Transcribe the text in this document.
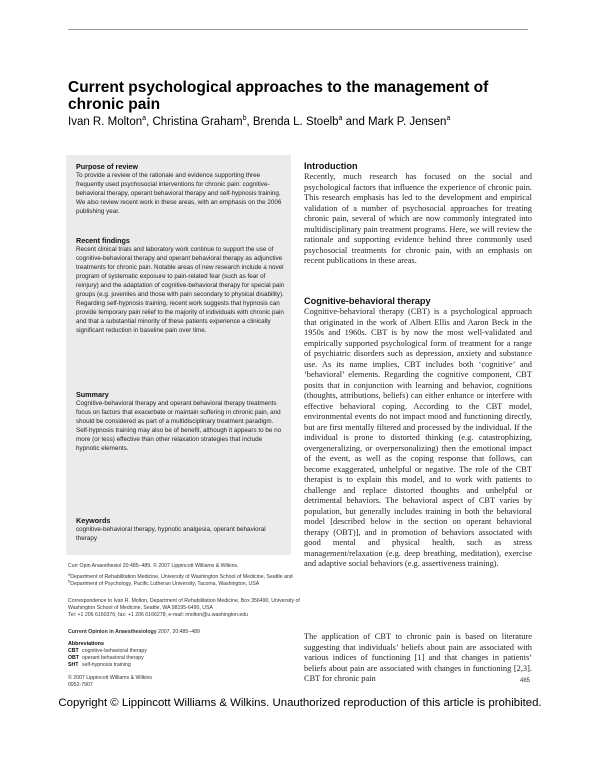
Current psychological approaches to the management of chronic pain
Ivan R. Molton$^a$, Christina Graham$^b$, Brenda L. Stoelb$^a$ and Mark P. Jensen$^a$
Purpose of review

To provide a review of the rationale and evidence supporting three frequently used psychosocial interventions for chronic pain: cognitive-behavioral therapy, operant behavioral therapy and self-hypnosis training. We also review recent work in these areas, with an emphasis on the 2006 publishing year.

Recent findings

Recent clinical trials and laboratory work continue to support the use of cognitive-behavioral therapy and operant behavioral therapy as adjunctive treatments for chronic pain. Notable areas of new research include a novel program of systematic exposure to pain-related fear (such as fear of reinjury) and the adaptation of cognitive-behavioral therapy for special pain groups (e.g. juveniles and those with pain secondary to physical disability). Regarding self-hypnosis training, recent work suggests that hypnosis can provide temporary pain relief to the majority of individuals with chronic pain and that a substantial minority of these patients experience a clinically significant reduction in baseline pain over time.

Summary

Cognitive-behavioral therapy and operant behavioral therapy treatments focus on factors that exacerbate or maintain suffering in chronic pain, and should be considered as part of a multidisciplinary treatment paradigm. Self-hypnosis training may also be of benefit, although it appears to be no more (or less) effective than other relaxation strategies that include hypnotic elements.

Keywords

cognitive-behavioral therapy, hypnotic analgesia, operant behavioral therapy

Curr Opin Anaesthesiol 20:485–489. © 2007 Lippincott Williams & Wilkins.

$^a$Department of Rehabilitation Medicine, University of Washington School of Medicine, Seattle and $^b$Department of Psychology, Pacific Lutheran University, Tacoma, Washington, USA

Correspondence to Ivan R. Molton, Department of Rehabilitation Medicine, Box 356490, University of Washington School of Medicine, Seattle, WA 98195-6490, USA

Tel: +1 206 6160376; fax: +1 206 6166278; e-mail: imolton@u.washington.edu

Current Opinion in Anaesthesiology 2007, 20:485–489

Abbreviations

CBT cognitive-behavioral therapy
OBT operant behavioral therapy
SHT self-hypnosis training

© 2007 Lippincott Williams & Wilkins

0952-7907

Introduction

Recently, much research has focused on the social and psychological factors that influence the experience of chronic pain. This research emphasis has led to the development and empirical validation of a number of psychosocial approaches for treating chronic pain, several of which are now commonly integrated into multidisciplinary pain treatment programs. Here, we will review the rationale and supporting evidence behind three commonly used psychosocial treatments for chronic pain, with an emphasis on recent publications in these areas.

Cognitive-behavioral therapy

Cognitive-behavioral therapy (CBT) is a psychological approach that originated in the work of Albert Ellis and Aaron Beck in the 1950s and 1960s. CBT is by now the most well-validated and empirically supported psychological form of treatment for a range of psychiatric disorders such as depression, anxiety and substance use. As its name implies, CBT includes both ‘cognitive’ and ‘behavioral’ elements. Regarding the cognitive component, CBT posits that in conjunction with learning and behavior, cognitions (thoughts, attributions, beliefs) can either enhance or interfere with effective behavioral coping. According to the CBT model, environmental events do not impact mood and functioning directly, but are first mentally filtered and processed by the individual. If the individual is prone to distorted thinking (e.g. catastrophizing, overgeneralizing, or overpersonalizing) then the emotional impact of the event, as well as the coping response that follows, can become exaggerated, unhelpful or negative. The role of the CBT therapist is to explain this model, and to work with patients to challenge and replace distorted thoughts and unhelpful or detrimental behaviors. The behavioral aspect of CBT varies by population, but generally includes training in both the behavioral model [described below in the section on operant behavioral therapy (OBT)], and in promotion of behaviors associated with good mental and physical health, such as stress management/relaxation (e.g. deep breathing, meditation), exercise and adaptive social behaviors (e.g. assertiveness training).

The application of CBT to chronic pain is based on literature suggesting that individuals’ beliefs about pain are associated with various indices of functioning [1] and that changes in patients’ beliefs about pain are associated with changes in functioning [2,3]. CBT for chronic pain	485
Copyright © Lippincott Williams & Wilkins. Unauthorized reproduction of this article is prohibited.
